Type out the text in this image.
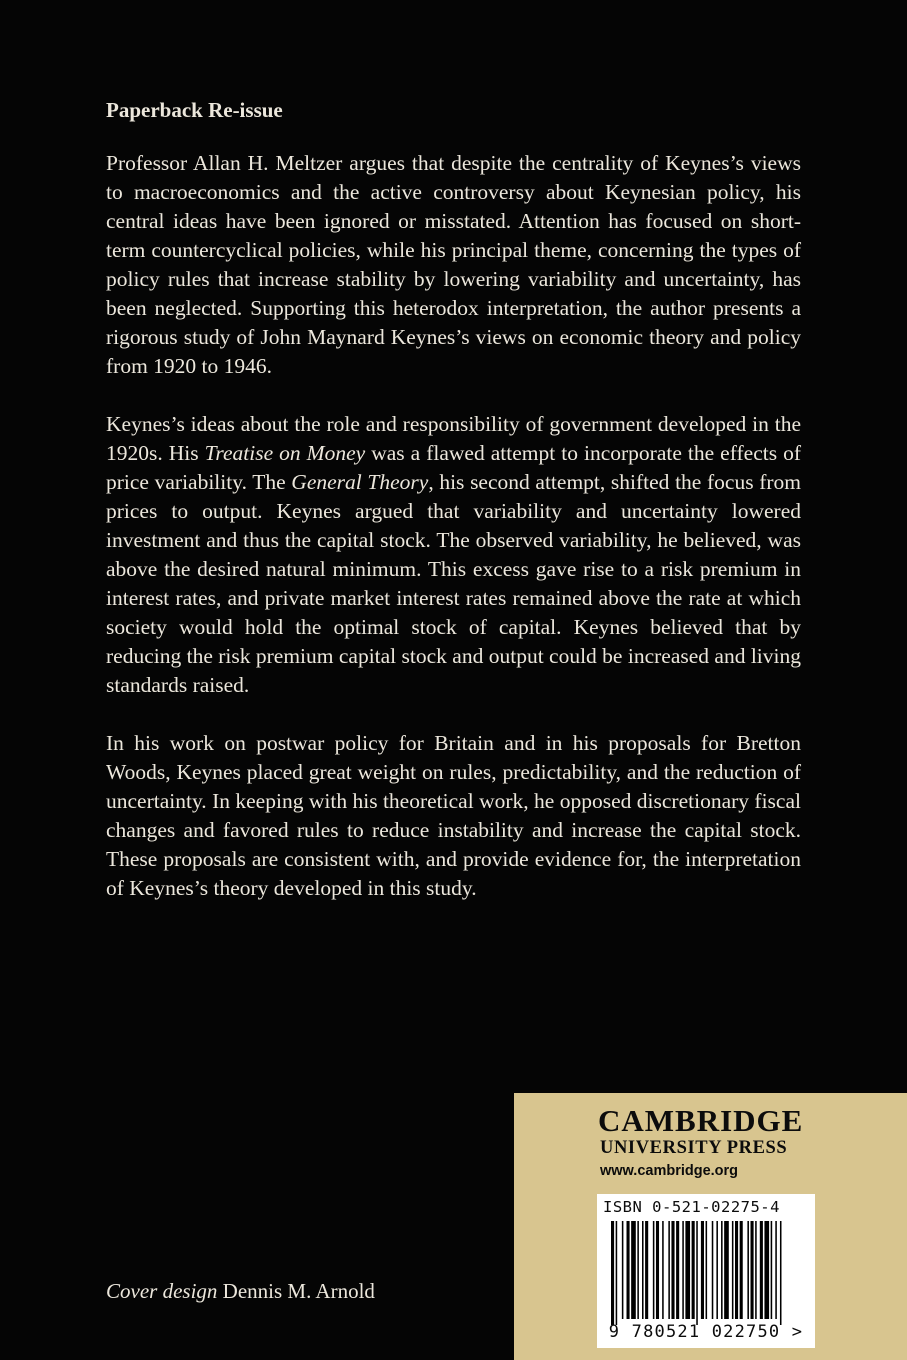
Paperback Re-issue

Professor Allan H. Meltzer argues that despite the centrality of Keynes’s views to macroeconomics and the active controversy about Keynesian policy, his central ideas have been ignored or misstated. Attention has focused on short-term countercyclical policies, while his principal theme, concerning the types of policy rules that increase stability by lowering variability and uncertainty, has been neglected. Supporting this heterodox interpretation, the author presents a rigorous study of John Maynard Keynes’s views on economic theory and policy from 1920 to 1946.

Keynes’s ideas about the role and responsibility of government developed in the 1920s. His Treatise on Money was a flawed attempt to incorporate the effects of price variability. The General Theory, his second attempt, shifted the focus from prices to output. Keynes argued that variability and uncertainty lowered investment and thus the capital stock. The observed variability, he believed, was above the desired natural minimum. This excess gave rise to a risk premium in interest rates, and private market interest rates remained above the rate at which society would hold the optimal stock of capital. Keynes believed that by reducing the risk premium capital stock and output could be increased and living standards raised.

In his work on postwar policy for Britain and in his proposals for Bretton Woods, Keynes placed great weight on rules, predictability, and the reduction of uncertainty. In keeping with his theoretical work, he opposed discretionary fiscal changes and favored rules to reduce instability and increase the capital stock. These proposals are consistent with, and provide evidence for, the interpretation of Keynes’s theory developed in this study.

Cover design Dennis M. Arnold
CAMBRIDGE
UNIVERSITY PRESS
www.cambridge.org
ISBN 0-521-02275-4
9 780521 022750 >
